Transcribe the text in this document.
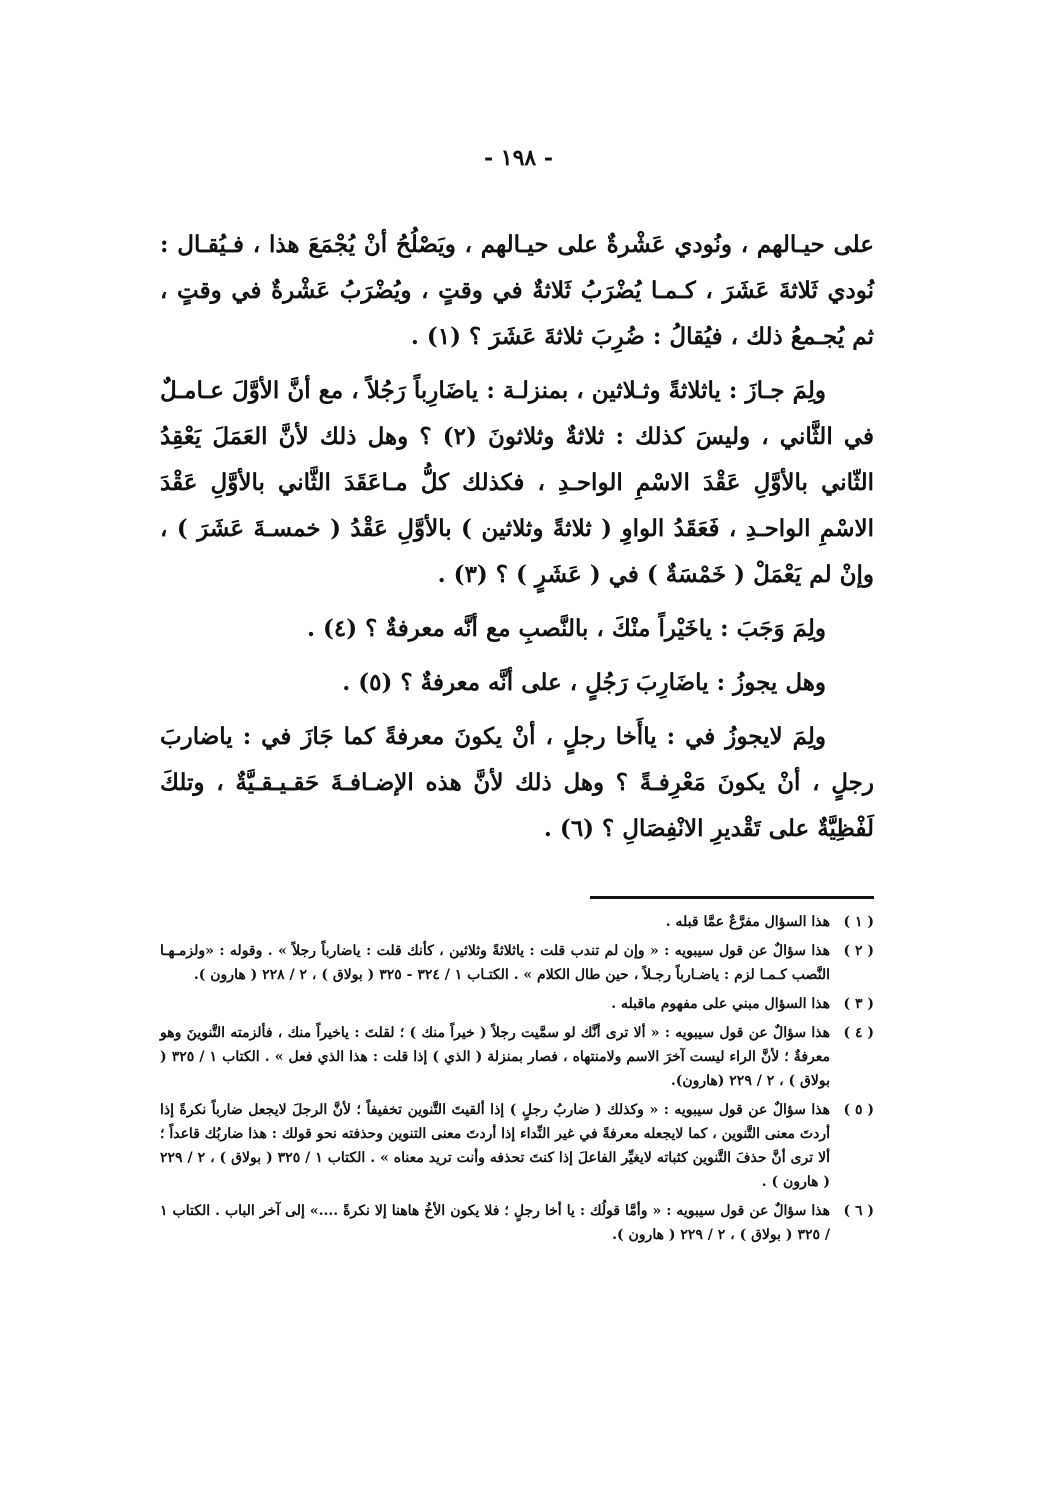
- ١٩٨ -

على حيـالهم ، ونُودي عَشْرةٌ على حيـالهم ، ويَصْلُحُ أنْ يُجْمَعَ هذا ، فـيُقـال : نُودي ثَلاثةَ عَشَرَ ، كـمـا يُضْرَبُ ثَلاثةٌ في وقتٍ ، ويُضْرَبُ عَشْرةٌ في وقتٍ ، ثم يُجـمعُ ذلك ، فيُقالُ : ضُرِبَ ثلاثةَ عَشَرَ ؟ (١) .

ولِمَ جـازَ : ياثلاثةً وثـلاثين ، بمنزلـة : ياضَارِباً رَجُلاً ، مع أنَّ الأوَّلَ عـامـلٌ في الثَّاني ، وليسَ كذلك : ثلاثةٌ وثلاثونَ (٢) ؟ وهل ذلك لأنَّ العَمَلَ يَعْقِدُ الثّاني بالأوَّلِ عَقْدَ الاسْمِ الواحـدِ ، فكذلك كلُّ مـاعَقَدَ الثَّاني بالأوَّلِ عَقْدَ الاسْمِ الواحـدِ ، فَعَقَدُ الواوِ ( ثلاثةً وثلاثين ) بالأوَّلِ عَقْدُ ( خمسـةَ عَشَرَ ) ، وإنْ لم يَعْمَلْ ( خَمْسَةٌ ) في ( عَشَرٍ ) ؟ (٣) .

ولِمَ وَجَبَ : ياخَيْراً منْكَ ، بالنَّصبِ مع أنَّه معرفةٌ ؟ (٤) .

وهل يجوزُ : ياضَارِبَ رَجُلٍ ، على أنَّه معرفةٌ ؟ (٥) .

ولِمَ لايجوزُ في : ياأَخا رجلٍ ، أنْ يكونَ معرفةً كما جَازَ في : ياضاربَ رجلٍ ، أنْ يكونَ مَعْرِفـةً ؟ وهل ذلك لأنَّ هذه الإضـافـةَ حَقـيـقـيَّةٌ ، وتلكَ لَفْظِيَّةٌ على تَقْديرِ الانْفِصَالِ ؟ (٦) .

( ١ )
هذا السؤال مفرَّعٌ عمَّا قبله .
( ٢ )
هذا سؤالٌ عن قول سيبويه : « وإن لم تندب قلت : ياثلاثةً وثلاثين ، كأنك قلت : ياضارباً رجلاً » . وقوله : «ولزمـهـا النَّصب كـمـا لزم : ياضـارباً رجـلاً ، حين طال الكلام » . الكتـاب ١ / ٣٢٤ - ٣٢٥ ( بولاق ) ، ٢ / ٢٢٨ ( هارون ).
( ٣ )
هذا السؤال مبني على مفهوم ماقبله .
( ٤ )
هذا سؤالٌ عن قول سيبويه : « ألا ترى أنَّك لو سمَّيت رجلاً ( خيراً منك ) ؛ لقلتَ : ياخيراً منك ، فألزمته التَّنوينَ وهو معرفةٌ ؛ لأنَّ الراء ليست آخرَ الاسم ولامنتهاه ، فصار بمنزلة ( الذي ) إذا قلت : هذا الذي فعل » . الكتاب ١ / ٣٢٥ ( بولاق ) ، ٢ / ٢٢٩ (هارون).
( ٥ )
هذا سؤالٌ عن قول سيبويه : « وكذلك ( ضاربُ رجلٍ ) إذا ألقيتَ التَّنوين تخفيفاً ؛ لأنَّ الرجلَ لايجعل ضارباً نكرةً إذا أردتَ معنى التَّنوين ، كما لايجعله معرفةً في غير النِّداء إذا أردتَ معنى التنوين وحذفته نحو قولك : هذا ضاربُك قاعداً ؛ ألا ترى أنَّ حذفَ التَّنوين كثباته لايغيِّر الفاعلَ إذا كنتَ تحذفه وأنت تريد معناه » . الكتاب ١ / ٣٢٥ ( بولاق ) ، ٢ / ٢٢٩ ( هارون ) .
( ٦ )
هذا سؤالٌ عن قول سيبويه : « وأمَّا قولُك : يا أخا رجلٍ ؛ فلا يكون الأخُ هاهنا إلا نكرةً ....» إلى آخر الباب . الكتاب ١ / ٣٢٥ ( بولاق ) ، ٢ / ٢٢٩ ( هارون ).
